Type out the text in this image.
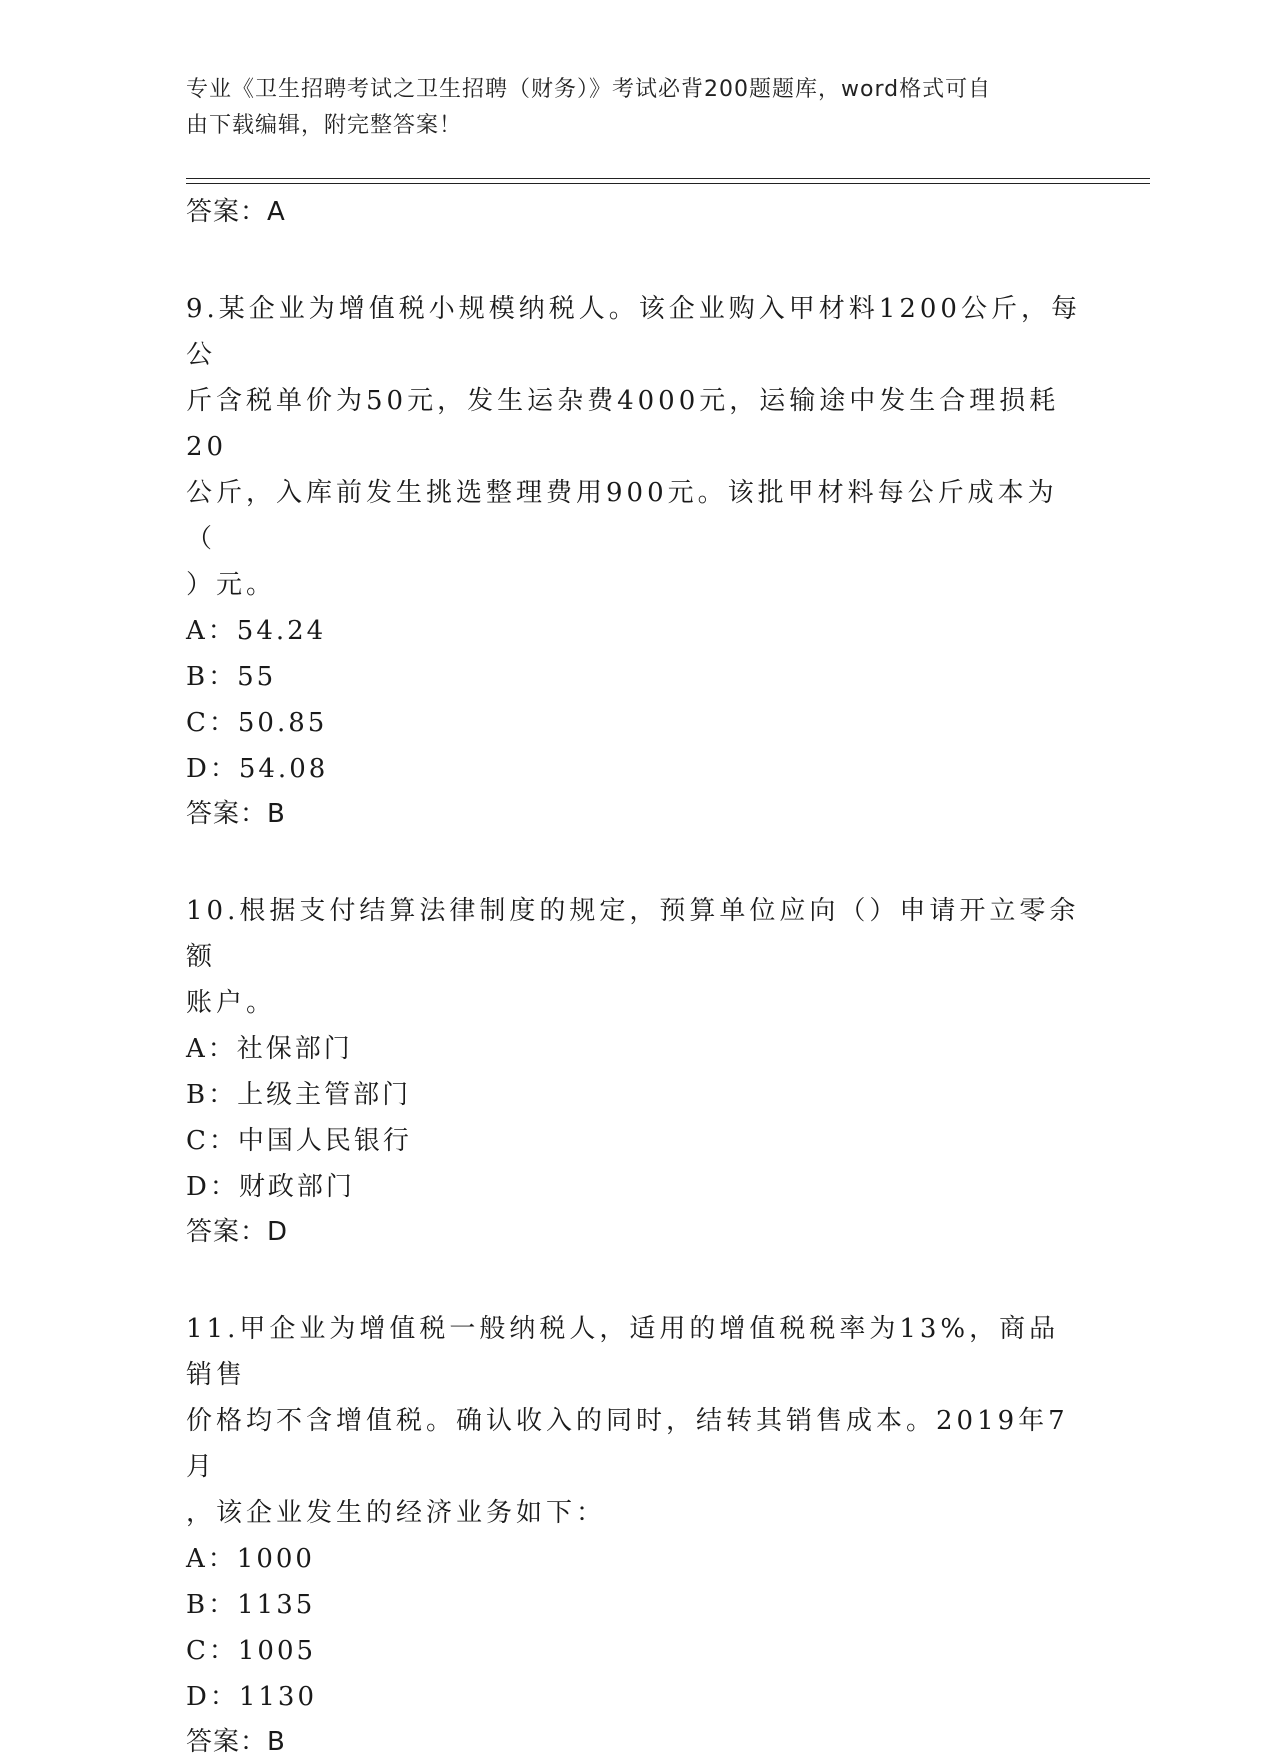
专业《卫生招聘考试之卫生招聘（财务）》考试必背200题题库，word格式可自
由下载编辑，附完整答案！
答案：A
9.某企业为增值税小规模纳税人。该企业购入甲材料1200公斤，每公
斤含税单价为50元，发生运杂费4000元，运输途中发生合理损耗20
公斤，入库前发生挑选整理费用900元。该批甲材料每公斤成本为（
）元。
A：54.24
B：55
C：50.85
D：54.08
答案：B
10.根据支付结算法律制度的规定，预算单位应向（）申请开立零余额
账户。
A：社保部门
B：上级主管部门
C：中国人民银行
D：财政部门
答案：D
11.甲企业为增值税一般纳税人，适用的增值税税率为13%，商品销售
价格均不含增值税。确认收入的同时，结转其销售成本。2019年7月
，该企业发生的经济业务如下：
A：1000
B：1135
C：1005
D：1130
答案：B
